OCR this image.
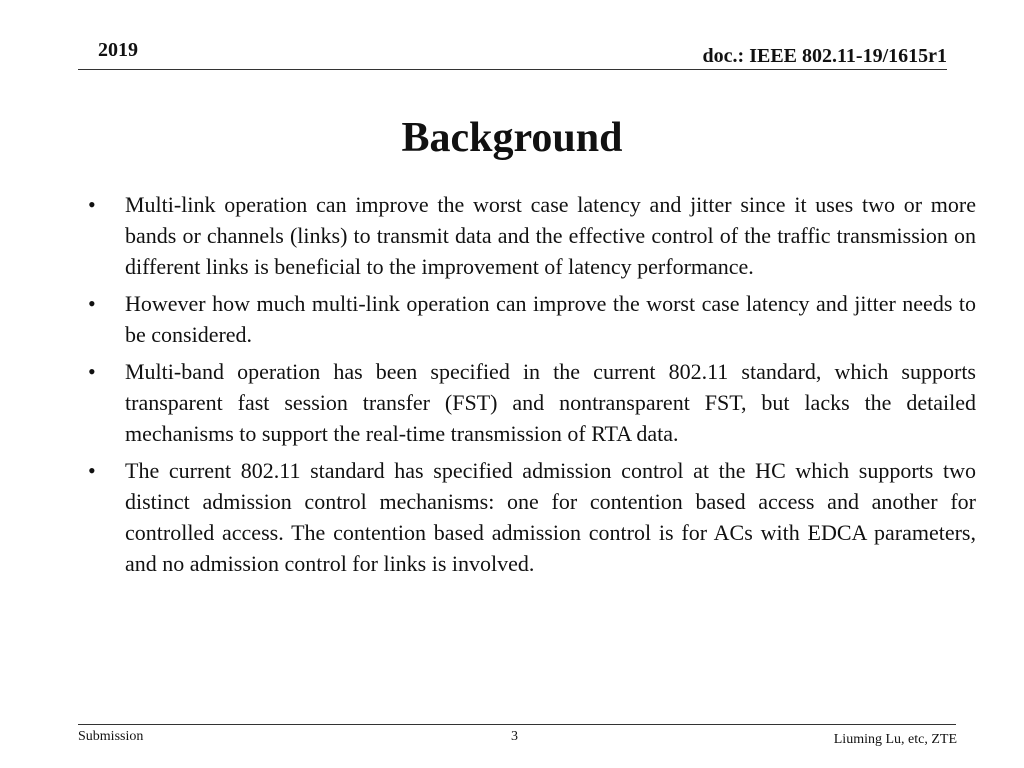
2019	doc.: IEEE 802.11-19/1615r1
Background
• Multi-link operation can improve the worst case latency and jitter since it uses two or more bands or channels (links) to transmit data and the effective control of the traffic transmission on different links is beneficial to the improvement of latency performance.
• However how much multi-link operation can improve the worst case latency and jitter needs to be considered.
• Multi-band operation has been specified in the current 802.11 standard, which supports transparent fast session transfer (FST) and nontransparent FST, but lacks the detailed mechanisms to support the real-time transmission of RTA data.
• The current 802.11 standard has specified admission control at the HC which supports two distinct admission control mechanisms: one for contention based access and another for controlled access. The contention based admission control is for ACs with EDCA parameters, and no admission control for links is involved.
Submission	3	Liuming Lu, etc, ZTE
